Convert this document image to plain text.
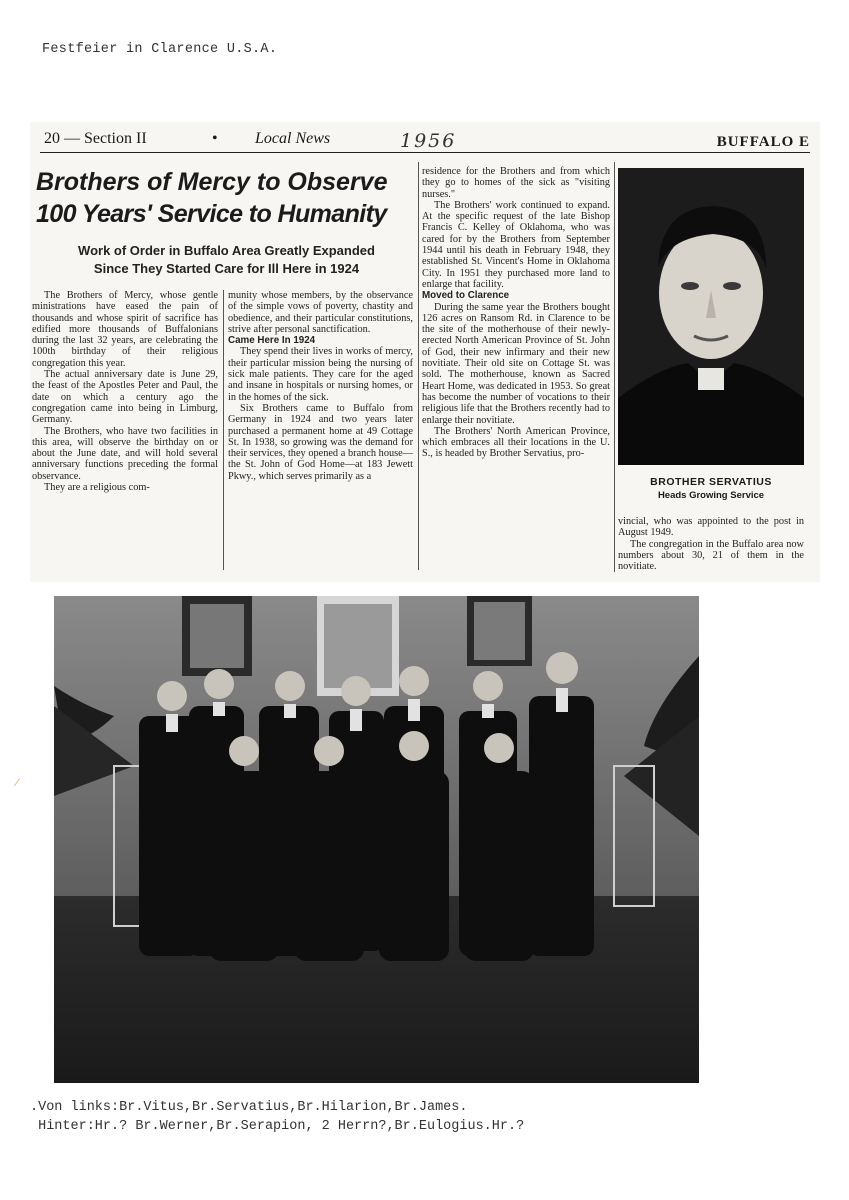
Festfeier in Clarence U.S.A.
20 — Section II	• Local News	BUFFALO E
1956
Brothers of Mercy to Observe
100 Years' Service to Humanity
Work of Order in Buffalo Area Greatly Expanded
Since They Started Care for Ill Here in 1924

The Brothers of Mercy, whose gentle ministrations have eased the pain of thousands and whose spirit of sacrifice has edified more thousands of Buffalonians during the last 32 years, are celebrating the 100th birthday of their religious congregation this year.

The actual anniversary date is June 29, the feast of the Apostles Peter and Paul, the date on which a century ago the congregation came into being in Limburg, Germany.

The Brothers, who have two facilities in this area, will observe the birthday on or about the June date, and will hold several anniversary functions preceding the formal observance.

They are a religious com-

munity whose members, by the observance of the simple vows of poverty, chastity and obedience, and their particular constitutions, strive after personal sanctification.

Came Here In 1924

They spend their lives in works of mercy, their particular mission being the nursing of sick male patients. They care for the aged and insane in hospitals or nursing homes, or in the homes of the sick.

Six Brothers came to Buffalo from Germany in 1924 and two years later purchased a permanent home at 49 Cottage St. In 1938, so growing was the demand for their services, they opened a branch house—the St. John of God Home—at 183 Jewett Pkwy., which serves primarily as a

residence for the Brothers and from which they go to homes of the sick as "visiting nurses."

The Brothers' work continued to expand. At the specific request of the late Bishop Francis C. Kelley of Oklahoma, who was cared for by the Brothers from September 1944 until his death in February 1948, they established St. Vincent's Home in Oklahoma City. In 1951 they purchased more land to enlarge that facility.

Moved to Clarence

During the same year the Brothers bought 126 acres on Ransom Rd. in Clarence to be the site of the motherhouse of their newly-erected North American Province of St. John of God, their new infirmary and their new novitiate. Their old site on Cottage St. was sold. The motherhouse, known as Sacred Heart Home, was dedicated in 1953. So great has become the number of vocations to their religious life that the Brothers recently had to enlarge their novitiate.

The Brothers' North American Province, which embraces all their locations in the U. S., is headed by Brother Servatius, pro-

BROTHER SERVATIUS
Heads Growing Service

vincial, who was appointed to the post in August 1949.

The congregation in the Buffalo area now numbers about 30, 21 of them in the novitiate.

⁄
.Von links:Br.Vitus,Br.Servatius,Br.Hilarion,Br.James.
Hinter:Hr.? Br.Werner,Br.Serapion, 2 Herrn?,Br.Eulogius.Hr.?
